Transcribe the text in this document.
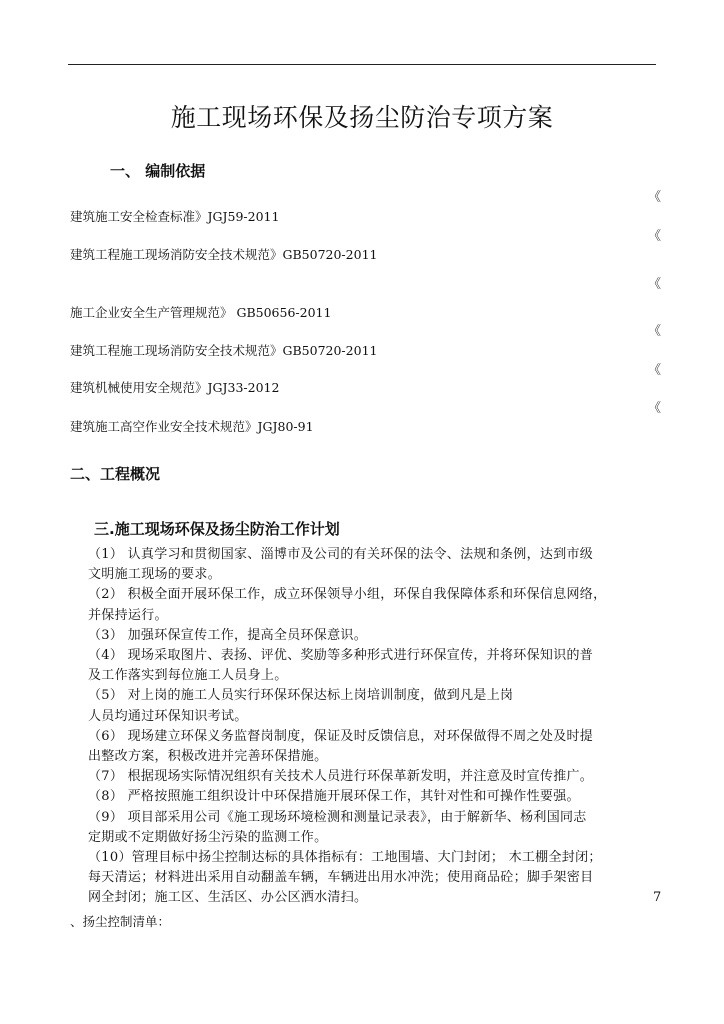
施工现场环保及扬尘防治专项方案
一、 编制依据
《
建筑施工安全检查标准》JGJ59-2011
《
建筑工程施工现场消防安全技术规范》GB50720-2011
《
施工企业安全生产管理规范》 GB50656-2011
《
建筑工程施工现场消防安全技术规范》GB50720-2011
《
建筑机械使用安全规范》JGJ33-2012
《
建筑施工高空作业安全技术规范》JGJ80-91
二、工程概况
三.施工现场环保及扬尘防治工作计划
（1） 认真学习和贯彻国家、淄博市及公司的有关环保的法令、法规和条例，达到市级
文明施工现场的要求。
（2） 积极全面开展环保工作，成立环保领导小组，环保自我保障体系和环保信息网络，
并保持运行。
（3） 加强环保宣传工作，提高全员环保意识。
（4） 现场采取图片、表扬、评优、奖励等多种形式进行环保宣传，并将环保知识的普
及工作落实到每位施工人员身上。
（5） 对上岗的施工人员实行环保环保达标上岗培训制度，做到凡是上岗
人员均通过环保知识考试。
（6） 现场建立环保义务监督岗制度，保证及时反馈信息，对环保做得不周之处及时提
出整改方案，积极改进并完善环保措施。
（7） 根据现场实际情况组织有关技术人员进行环保革新发明，并注意及时宣传推广。
（8） 严格按照施工组织设计中环保措施开展环保工作，其针对性和可操作性要强。
（9） 项目部采用公司《施工现场环境检测和测量记录表》，由于解新华、杨利国同志
定期或不定期做好扬尘污染的监测工作。
（10）管理目标中扬尘控制达标的具体指标有：工地围墙、大门封闭； 木工棚全封闭；
每天清运；材料进出采用自动翻盖车辆，车辆进出用水冲洗；使用商品砼；脚手架密目
网全封闭；施工区、生活区、办公区洒水清扫。	7
、扬尘控制清单：
